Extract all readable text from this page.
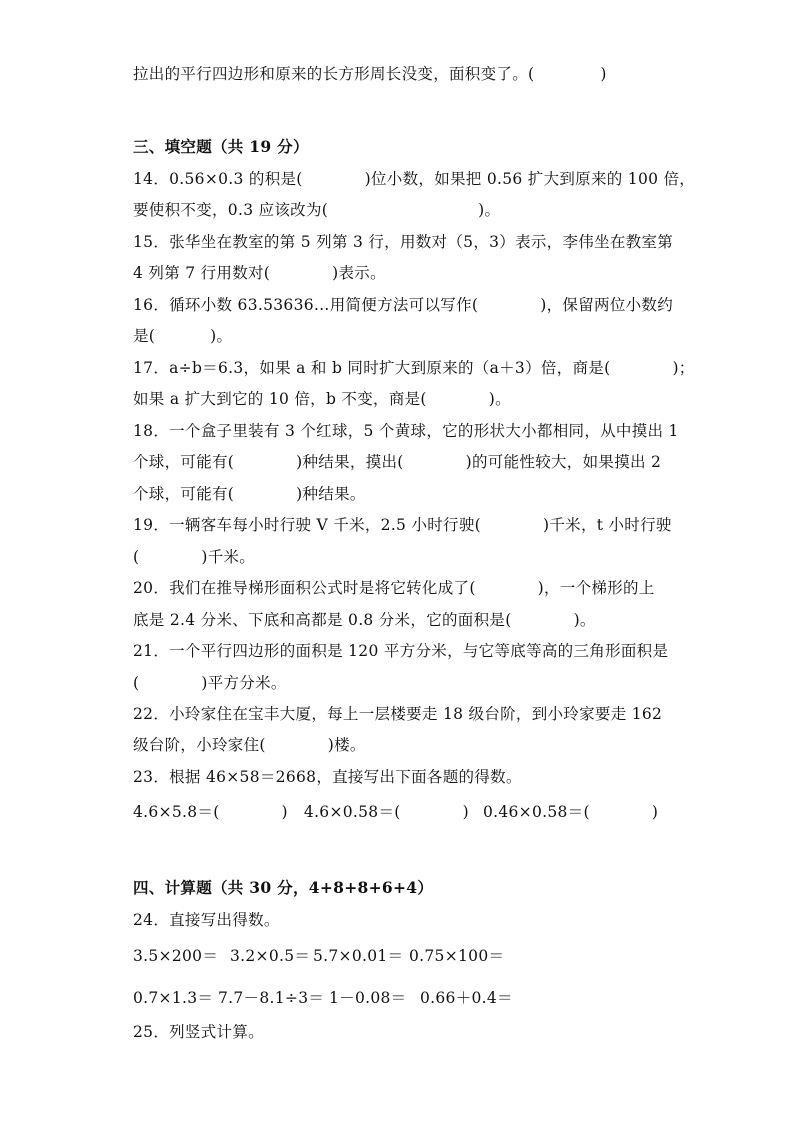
拉出的平行四边形和原来的长方形周长没变，面积变了。(	)
三、填空题（共 19 分）
14．0.56×0.3 的积是(	)位小数，如果把 0.56 扩大到原来的 100 倍，
要使积不变，0.3 应该改为(	)。
15．张华坐在教室的第 5 列第 3 行，用数对（5，3）表示，李伟坐在教室第
4 列第 7 行用数对(	)表示。
16．循环小数 63.53636…用简便方法可以写作(	)，保留两位小数约
是(	)。
17．a÷b＝6.3，如果 a 和 b 同时扩大到原来的（a＋3）倍，商是(	)；
如果 a 扩大到它的 10 倍，b 不变，商是(	)。
18．一个盒子里装有 3 个红球，5 个黄球，它的形状大小都相同，从中摸出 1
个球，可能有(	)种结果，摸出(	)的可能性较大，如果摸出 2
个球，可能有(	)种结果。
19．一辆客车每小时行驶 V 千米，2.5 小时行驶(	)千米，t 小时行驶
(	)千米。
20．我们在推导梯形面积公式时是将它转化成了(	)，一个梯形的上
底是 2.4 分米、下底和高都是 0.8 分米，它的面积是(	)。
21．一个平行四边形的面积是 120 平方分米，与它等底等高的三角形面积是
(	)平方分米。
22．小玲家住在宝丰大厦，每上一层楼要走 18 级台阶，到小玲家要走 162
级台阶，小玲家住(	)楼。
23．根据 46×58＝2668，直接写出下面各题的得数。
4.6×5.8＝(	) 4.6×0.58＝(	) 0.46×0.58＝(	)
四、计算题（共 30 分，4+8+8+6+4）
24．直接写出得数。
3.5×200＝ 3.2×0.5＝ 5.7×0.01＝ 0.75×100＝
0.7×1.3＝ 7.7－8.1÷3＝ 1－0.08＝ 0.66＋0.4＝
25．列竖式计算。
